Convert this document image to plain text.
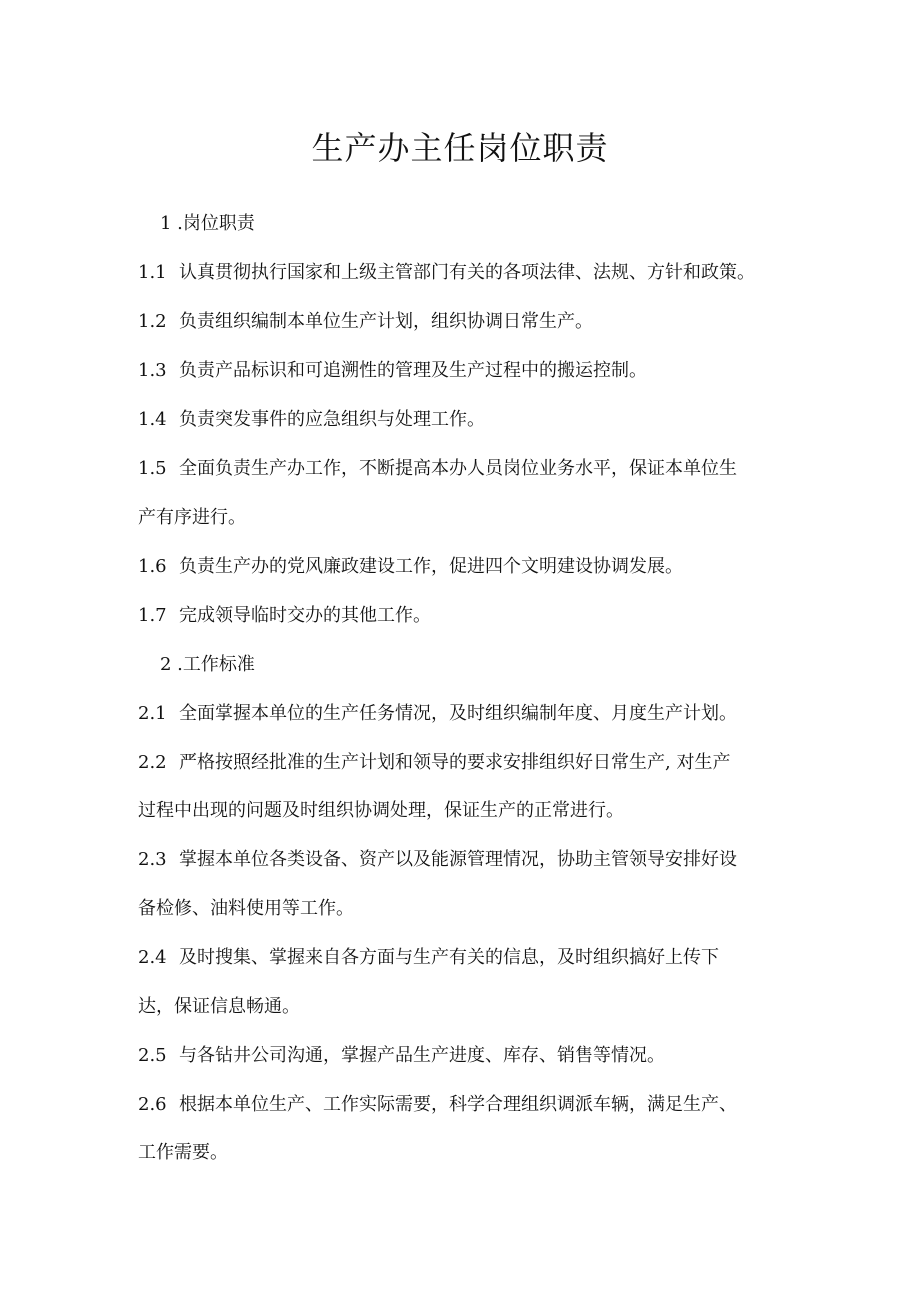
生产办主任岗位职责
1 .岗位职责
1.1 认真贯彻执行国家和上级主管部门有关的各项法律、法规、方针和政策。
1.2 负责组织编制本单位生产计划，组织协调日常生产。
1.3 负责产品标识和可追溯性的管理及生产过程中的搬运控制。
1.4 负责突发事件的应急组织与处理工作。
1.5 全面负责生产办工作，不断提高本办人员岗位业务水平，保证本单位生
产有序进行。
1.6 负责生产办的党风廉政建设工作，促进四个文明建设协调发展。
1.7 完成领导临时交办的其他工作。
2 .工作标准
2.1 全面掌握本单位的生产任务情况，及时组织编制年度、月度生产计划。
2.2 严格按照经批准的生产计划和领导的要求安排组织好日常生产, 对生产
过程中出现的问题及时组织协调处理，保证生产的正常进行。
2.3 掌握本单位各类设备、资产以及能源管理情况，协助主管领导安排好设
备检修、油料使用等工作。
2.4 及时搜集、掌握来自各方面与生产有关的信息，及时组织搞好上传下
达，保证信息畅通。
2.5 与各钻井公司沟通，掌握产品生产进度、库存、销售等情况。
2.6 根据本单位生产、工作实际需要，科学合理组织调派车辆，满足生产、
工作需要。
